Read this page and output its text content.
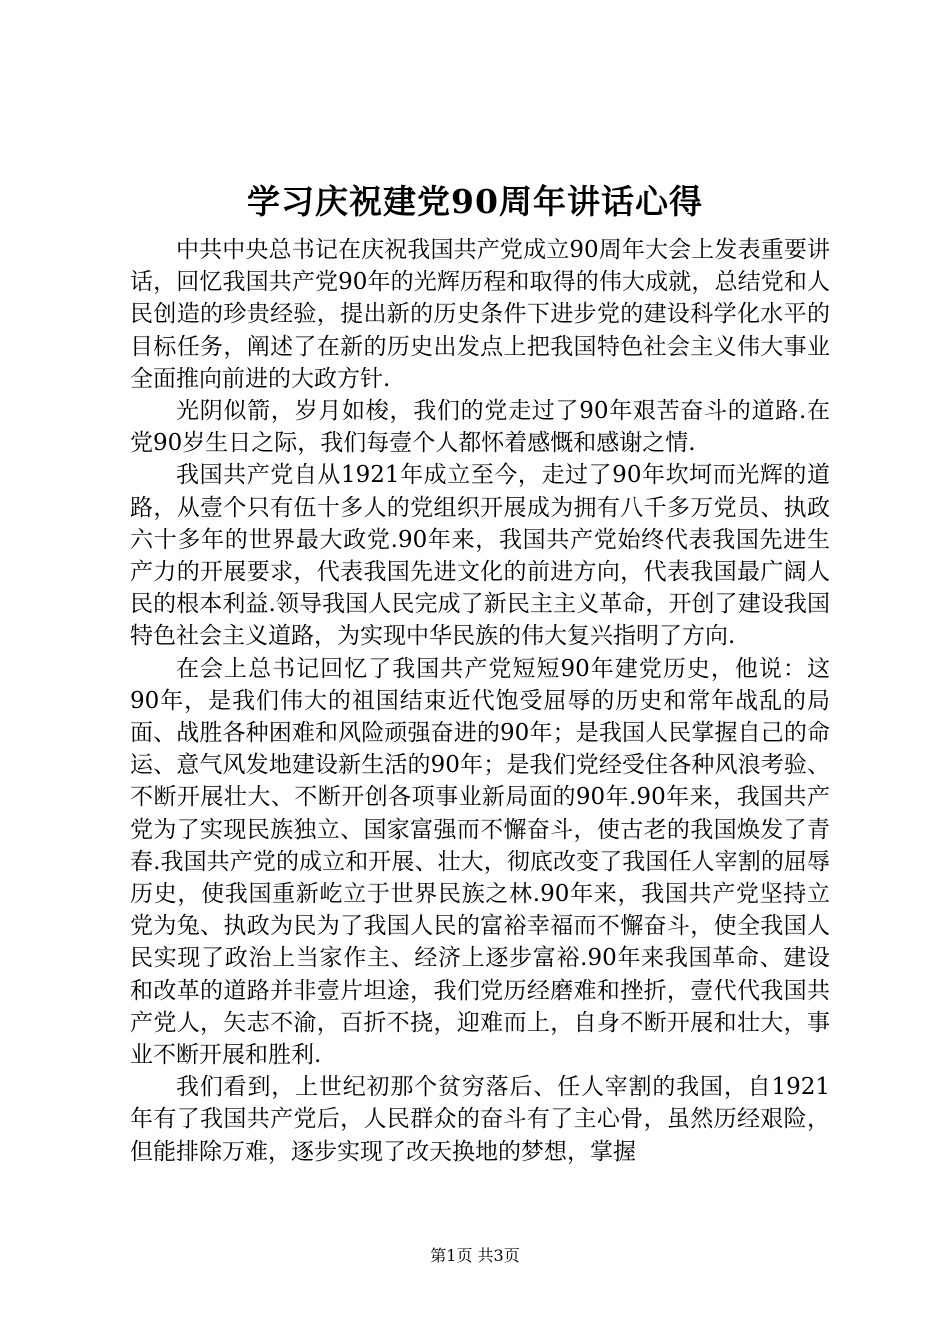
学习庆祝建党90周年讲话心得

中共中央总书记在庆祝我国共产党成立90周年大会上发表重要讲话，回忆我国共产党90年的光辉历程和取得的伟大成就，总结党和人民创造的珍贵经验，提出新的历史条件下进步党的建设科学化水平的目标任务，阐述了在新的历史出发点上把我国特色社会主义伟大事业全面推向前进的大政方针.

光阴似箭，岁月如梭，我们的党走过了90年艰苦奋斗的道路.在党90岁生日之际，我们每壹个人都怀着感慨和感谢之情.

我国共产党自从1921年成立至今，走过了90年坎坷而光辉的道路，从壹个只有伍十多人的党组织开展成为拥有八千多万党员、执政六十多年的世界最大政党.90年来，我国共产党始终代表我国先进生产力的开展要求，代表我国先进文化的前进方向，代表我国最广阔人民的根本利益.领导我国人民完成了新民主主义革命，开创了建设我国特色社会主义道路，为实现中华民族的伟大复兴指明了方向.

在会上总书记回忆了我国共产党短短90年建党历史，他说：这90年，是我们伟大的祖国结束近代饱受屈辱的历史和常年战乱的局面、战胜各种困难和风险顽强奋进的90年；是我国人民掌握自己的命运、意气风发地建设新生活的90年；是我们党经受住各种风浪考验、不断开展壮大、不断开创各项事业新局面的90年.90年来，我国共产党为了实现民族独立、国家富强而不懈奋斗，使古老的我国焕发了青春.我国共产党的成立和开展、壮大，彻底改变了我国任人宰割的屈辱历史，使我国重新屹立于世界民族之林.90年来，我国共产党坚持立党为兔、执政为民为了我国人民的富裕幸福而不懈奋斗，使全我国人民实现了政治上当家作主、经济上逐步富裕.90年来我国革命、建设和改革的道路并非壹片坦途，我们党历经磨难和挫折，壹代代我国共产党人，矢志不渝，百折不挠，迎难而上，自身不断开展和壮大，事业不断开展和胜利.

我们看到，上世纪初那个贫穷落后、任人宰割的我国，自1921年有了我国共产党后，人民群众的奋斗有了主心骨，虽然历经艰险，但能排除万难，逐步实现了改天换地的梦想，掌握

第1页 共3页
